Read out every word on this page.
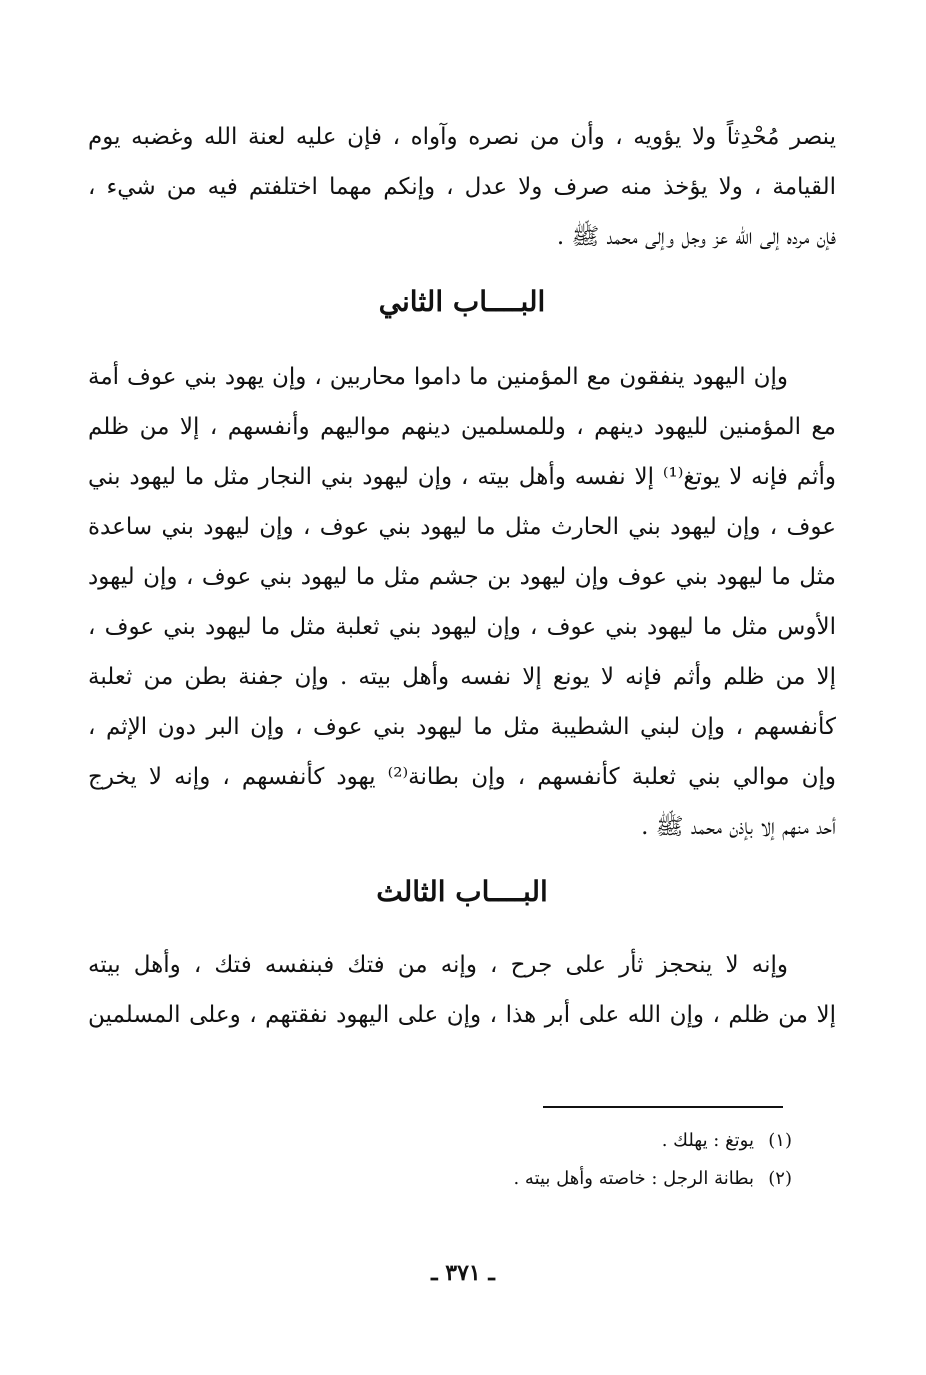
ينصر مُحْدِثاً ولا يؤويه ، وأن من نصره وآواه ، فإن عليه لعنة الله وغضبه يوم
القيامة ، ولا يؤخذ منه صرف ولا عدل ، وإنكم مهما اختلفتم فيه من شيء ،
فإن مرده إلى الله عز وجل وإلى محمد ﷺ .
البــــاب الثاني
وإن اليهود ينفقون مع المؤمنين ما داموا محاربين ، وإن يهود بني عوف أمة
مع المؤمنين لليهود دينهم ، وللمسلمين دينهم مواليهم وأنفسهم ، إلا من ظلم
وأثم فإنه لا يوتغ⁽¹⁾ إلا نفسه وأهل بيته ، وإن ليهود بني النجار مثل ما ليهود بني
عوف ، وإن ليهود بني الحارث مثل ما ليهود بني عوف ، وإن ليهود بني ساعدة
مثل ما ليهود بني عوف وإن ليهود بن جشم مثل ما ليهود بني عوف ، وإن ليهود
الأوس مثل ما ليهود بني عوف ، وإن ليهود بني ثعلبة مثل ما ليهود بني عوف ،
إلا من ظلم وأثم فإنه لا يونع إلا نفسه وأهل بيته . وإن جفنة بطن من ثعلبة
كأنفسهم ، وإن لبني الشطيبة مثل ما ليهود بني عوف ، وإن البر دون الإثم ،
وإن موالي بني ثعلبة كأنفسهم ، وإن بطانة⁽²⁾ يهود كأنفسهم ، وإنه لا يخرج
أحد منهم إلا بإذن محمد ﷺ .
البــــاب الثالث
وإنه لا ينحجز ثأر على جرح ، وإنه من فتك فبنفسه فتك ، وأهل بيته
إلا من ظلم ، وإن الله على أبر هذا ، وإن على اليهود نفقتهم ، وعلى المسلمين
(١)
يوتغ : يهلك .
(٢)
بطانة الرجل : خاصته وأهل بيته .
ـ ٣٧١ ـ
